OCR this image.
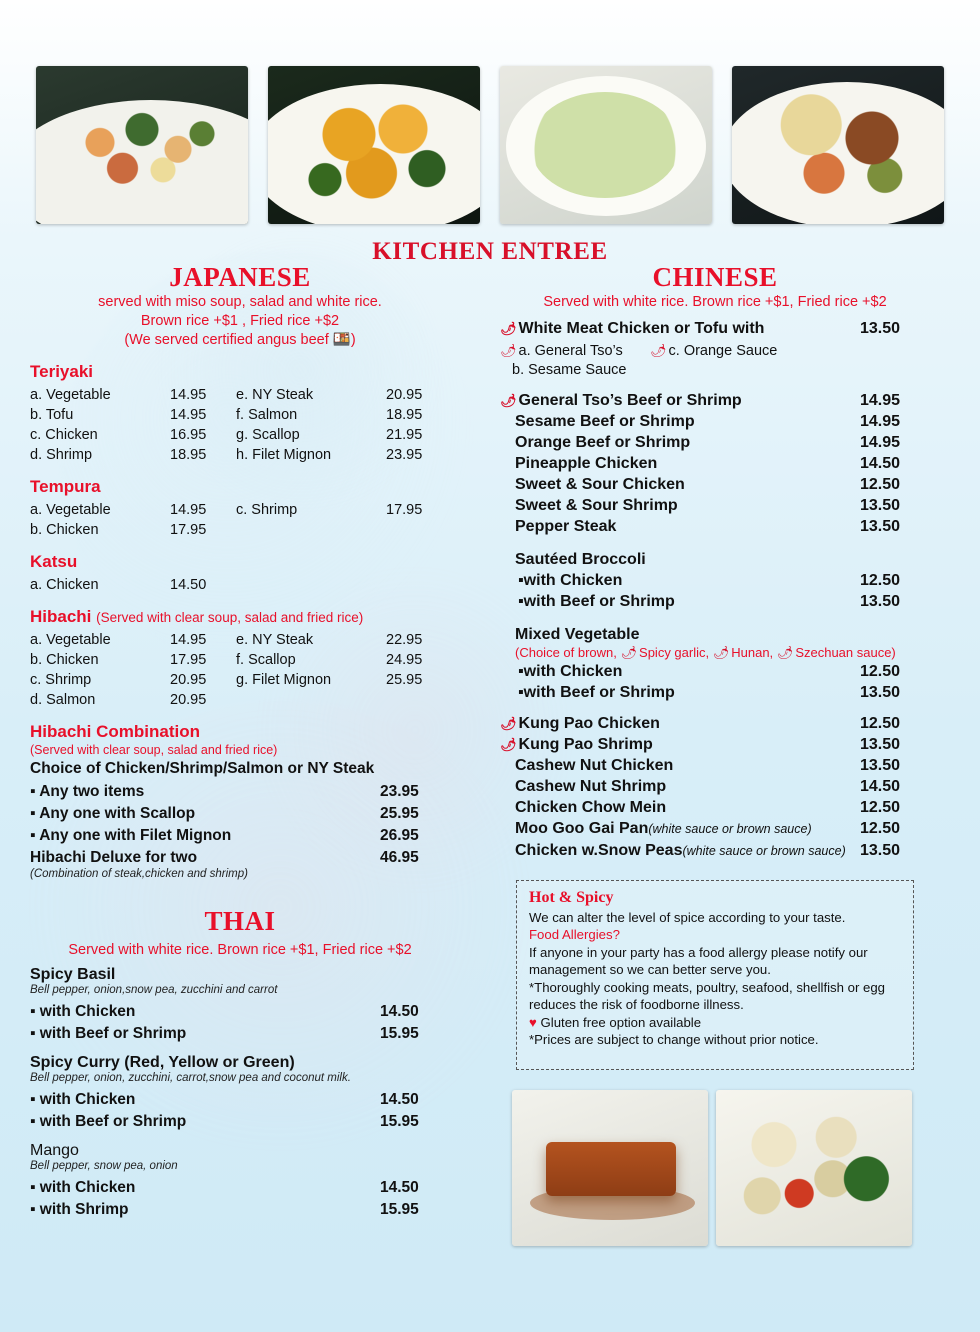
KITCHEN ENTREE
JAPANESE
served with miso soup, salad and white rice.
Brown rice +$1 , Fried rice +$2
(We served certified angus beef 🍱)
Teriyaki
a. Vegetable	14.95	e. NY Steak	20.95
b. Tofu	14.95	f. Salmon	18.95
c. Chicken	16.95	g. Scallop	21.95
d. Shrimp	18.95	h. Filet Mignon	23.95
Tempura
a. Vegetable	14.95	c. Shrimp	17.95
b. Chicken	17.95		
Katsu
a. Chicken	14.50		
Hibachi (Served with clear soup, salad and fried rice)
a. Vegetable	14.95	e. NY Steak	22.95
b. Chicken	17.95	f. Scallop	24.95
c. Shrimp	20.95	g. Filet Mignon	25.95
d. Salmon	20.95		
Hibachi Combination
(Served with clear soup, salad and fried rice)
Choice of Chicken/Shrimp/Salmon or NY Steak
▪ Any two items	23.95
▪ Any one with Scallop	25.95
▪ Any one with Filet Mignon	26.95
Hibachi Deluxe for two	46.95
(Combination of steak,chicken and shrimp)
THAI
Served with white rice. Brown rice +$1, Fried rice +$2
Spicy Basil
Bell pepper, onion,snow pea, zucchini and carrot
▪ with Chicken	14.50
▪ with Beef or Shrimp	15.95
Spicy Curry (Red, Yellow or Green)
Bell pepper, onion, zucchini, carrot,snow pea and coconut milk.
▪ with Chicken	14.50
▪ with Beef or Shrimp	15.95
Mango
Bell pepper, snow pea, onion
▪ with Chicken	14.50
▪ with Shrimp	15.95
CHINESE
Served with white rice. Brown rice +$1, Fried rice +$2
🌶 White Meat Chicken or Tofu with	13.50
🌶 a. General Tso’s
b. Sesame Sauce
🌶 c. Orange Sauce
🌶 General Tso’s Beef or Shrimp	14.95
Sesame Beef or Shrimp	14.95
Orange Beef or Shrimp	14.95
Pineapple Chicken	14.50
Sweet & Sour Chicken	12.50
Sweet & Sour Shrimp	13.50
Pepper Steak	13.50
Sautéed Broccoli
▪with Chicken	12.50
▪with Beef or Shrimp	13.50
Mixed Vegetable
(Choice of brown, 🌶 Spicy garlic, 🌶 Hunan, 🌶 Szechuan sauce)
▪with Chicken	12.50
▪with Beef or Shrimp	13.50
🌶 Kung Pao Chicken	12.50
🌶 Kung Pao Shrimp	13.50
Cashew Nut Chicken	13.50
Cashew Nut Shrimp	14.50
Chicken Chow Mein	12.50
Moo Goo Gai Pan(white sauce or brown sauce)	12.50
Chicken w.Snow Peas(white sauce or brown sauce) 13.50
Hot & Spicy
We can alter the level of spice according to your taste.
Food Allergies?
If anyone in your party has a food allergy please notify our
management so we can better serve you.
*Thoroughly cooking meats, poultry, seafood, shellfish or egg
reduces the risk of foodborne illness.
♥ Gluten free option available
*Prices are subject to change without prior notice.
